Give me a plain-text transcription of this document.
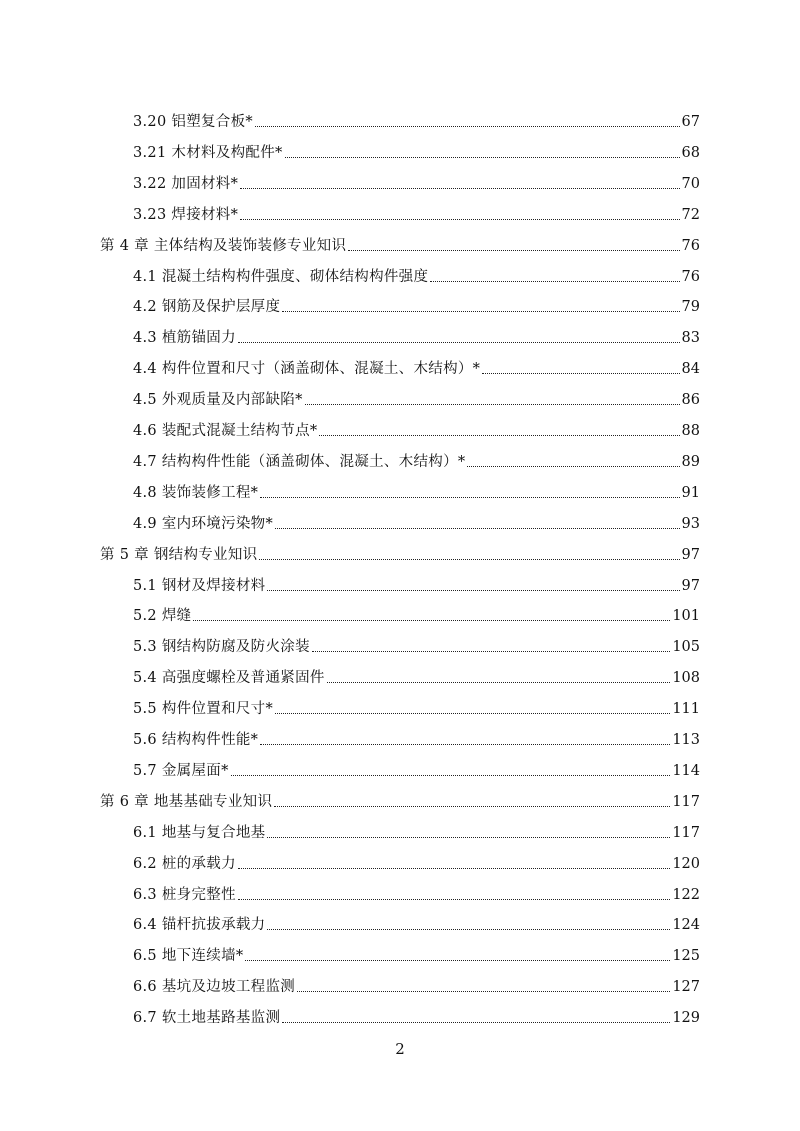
3.20 铝塑复合板*	67
3.21 木材料及构配件*	68
3.22 加固材料*	70
3.23 焊接材料*	72
第 4 章 主体结构及装饰装修专业知识	76
4.1 混凝土结构构件强度、砌体结构构件强度	76
4.2 钢筋及保护层厚度	79
4.3 植筋锚固力	83
4.4 构件位置和尺寸（涵盖砌体、混凝土、木结构）*	84
4.5 外观质量及内部缺陷*	86
4.6 装配式混凝土结构节点*	88
4.7 结构构件性能（涵盖砌体、混凝土、木结构）*	89
4.8 装饰装修工程*	91
4.9 室内环境污染物*	93
第 5 章 钢结构专业知识	97
5.1 钢材及焊接材料	97
5.2 焊缝	101
5.3 钢结构防腐及防火涂装	105
5.4 高强度螺栓及普通紧固件	108
5.5 构件位置和尺寸*	111
5.6 结构构件性能*	113
5.7 金属屋面*	114
第 6 章 地基基础专业知识	117
6.1 地基与复合地基	117
6.2 桩的承载力	120
6.3 桩身完整性	122
6.4 锚杆抗拔承载力	124
6.5 地下连续墙*	125
6.6 基坑及边坡工程监测	127
6.7 软土地基路基监测	129
2
